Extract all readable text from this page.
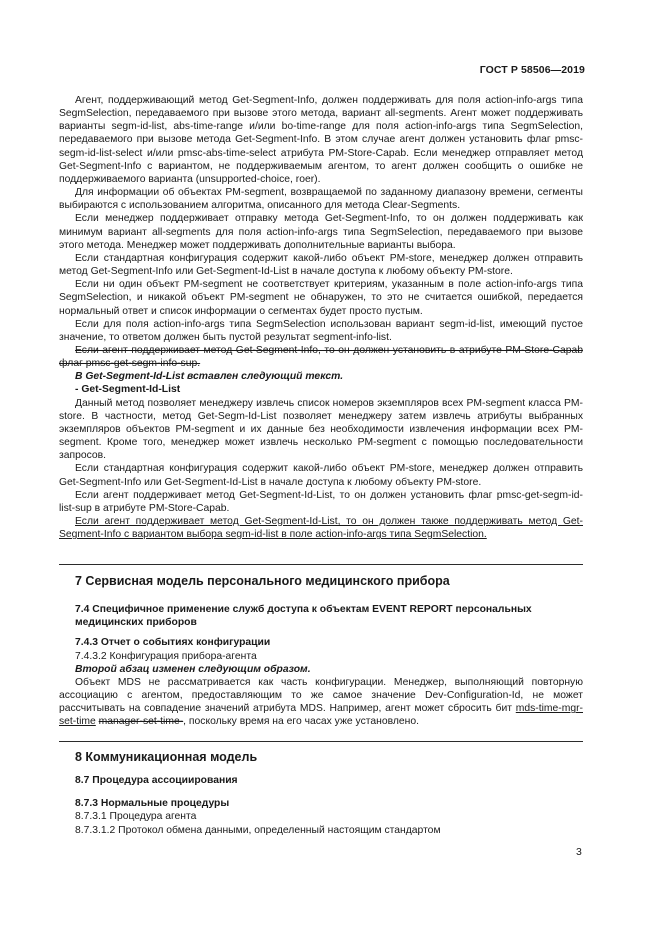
ГОСТ Р 58506—2019

Агент, поддерживающий метод Get-Segment-Info, должен поддерживать для поля action-info-args типа SegmSelection, передаваемого при вызове этого метода, вариант all-segments. Агент может поддерживать варианты segm-id-list, abs-time-range и/или bo-time-range для поля action-info-args типа SegmSelection, передаваемого при вызове метода Get-Segment-Info. В этом случае агент должен установить флаг pmsc-segm-id-list-select и/или pmsc-abs-time-select атрибута PM-Store-Capab. Если менеджер отправляет метод Get-Segment-Info с вариантом, не поддерживаемым агентом, то агент должен сообщить о ошибке не поддерживаемого варианта (unsupported-choice, roer).

Для информации об объектах PM-segment, возвращаемой по заданному диапазону времени, сегменты выбираются с использованием алгоритма, описанного для метода Clear-Segments.

Если менеджер поддерживает отправку метода Get-Segment-Info, то он должен поддерживать как минимум вариант all-segments для поля action-info-args типа SegmSelection, передаваемого при вызове этого метода. Менеджер может поддерживать дополнительные варианты выбора.

Если стандартная конфигурация содержит какой-либо объект PM-store, менеджер должен отправить метод Get-Segment-Info или Get-Segment-Id-List в начале доступа к любому объекту PM-store.

Если ни один объект PM-segment не соответствует критериям, указанным в поле action-info-args типа SegmSelection, и никакой объект PM-segment не обнаружен, то это не считается ошибкой, передается нормальный ответ и список информации о сегментах будет просто пустым.

Если для поля action-info-args типа SegmSelection использован вариант segm-id-list, имеющий пустое значение, то ответом должен быть пустой результат segment-info-list.

Если агент поддерживает метод Get-Segment-Info, то он должен установить в атрибуте PM-Store-Capab флаг pmsc-get-segm-info-sup.

В Get-Segment-Id-List вставлен следующий текст.

- Get-Segment-Id-List

Данный метод позволяет менеджеру извлечь список номеров экземпляров всех PM-segment класса PM-store. В частности, метод Get-Segm-Id-List позволяет менеджеру затем извлечь атрибуты выбранных экземпляров объектов PM-segment и их данные без необходимости извлечения информации всех PM-segment. Кроме того, менеджер может извлечь несколько PM-segment с помощью последовательности запросов.

Если стандартная конфигурация содержит какой-либо объект PM-store, менеджер должен отправить Get-Segment-Info или Get-Segment-Id-List в начале доступа к любому объекту PM-store.

Если агент поддерживает метод Get-Segment-Id-List, то он должен установить флаг pmsc-get-segm-id-list-sup в атрибуте PM-Store-Capab.

Если агент поддерживает метод Get-Segment-Id-List, то он должен также поддерживать метод Get-Segment-Info с вариантом выбора segm-id-list в поле action-info-args типа SegmSelection.

7 Сервисная модель персонального медицинского прибора

7.4 Специфичное применение служб доступа к объектам EVENT REPORT персональных медицинских приборов

7.4.3 Отчет о событиях конфигурации

7.4.3.2 Конфигурация прибора-агента

Второй абзац изменен следующим образом.

Объект MDS не рассматривается как часть конфигурации. Менеджер, выполняющий повторную ассоциацию с агентом, предоставляющим то же самое значение Dev-Configuration-Id, не может рассчитывать на совпадение значений атрибута MDS. Например, агент может сбросить бит mds-time-mgr-set-time manager-set-time-, поскольку время на его часах уже установлено.

8 Коммуникационная модель

8.7 Процедура ассоциирования

8.7.3 Нормальные процедуры

8.7.3.1 Процедура агента

8.7.3.1.2 Протокол обмена данными, определенный настоящим стандартом

3
